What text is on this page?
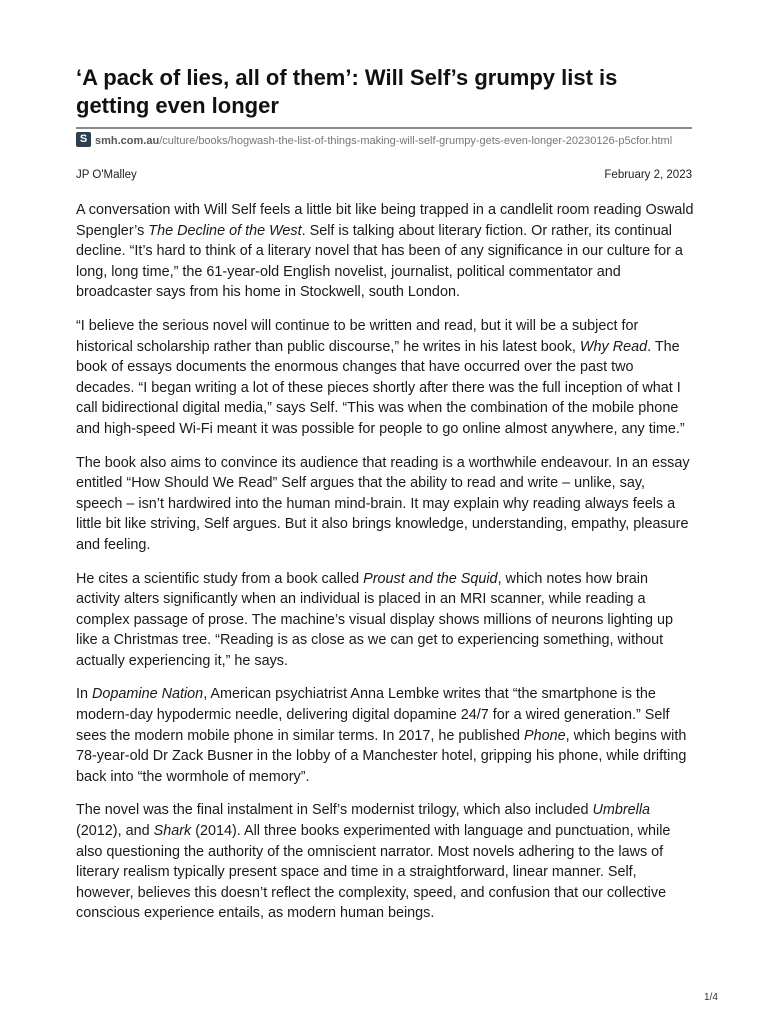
‘A pack of lies, all of them’: Will Self’s grumpy list is getting even longer
S smh.com.au/culture/books/hogwash-the-list-of-things-making-will-self-grumpy-gets-even-longer-20230126-p5cfor.html
JP O'Malley	February 2, 2023

A conversation with Will Self feels a little bit like being trapped in a candlelit room reading Oswald Spengler’s The Decline of the West. Self is talking about literary fiction. Or rather, its continual decline. “It’s hard to think of a literary novel that has been of any significance in our culture for a long, long time,” the 61-year-old English novelist, journalist, political commentator and broadcaster says from his home in Stockwell, south London.

“I believe the serious novel will continue to be written and read, but it will be a subject for historical scholarship rather than public discourse,” he writes in his latest book, Why Read. The book of essays documents the enormous changes that have occurred over the past two decades. “I began writing a lot of these pieces shortly after there was the full inception of what I call bidirectional digital media,” says Self. “This was when the combination of the mobile phone and high-speed Wi-Fi meant it was possible for people to go online almost anywhere, any time.”

The book also aims to convince its audience that reading is a worthwhile endeavour. In an essay entitled “How Should We Read” Self argues that the ability to read and write – unlike, say, speech – isn’t hardwired into the human mind-brain. It may explain why reading always feels a little bit like striving, Self argues. But it also brings knowledge, understanding, empathy, pleasure and feeling.

He cites a scientific study from a book called Proust and the Squid, which notes how brain activity alters significantly when an individual is placed in an MRI scanner, while reading a complex passage of prose. The machine’s visual display shows millions of neurons lighting up like a Christmas tree. “Reading is as close as we can get to experiencing something, without actually experiencing it,” he says.

In Dopamine Nation, American psychiatrist Anna Lembke writes that “the smartphone is the modern-day hypodermic needle, delivering digital dopamine 24/7 for a wired generation.” Self sees the modern mobile phone in similar terms. In 2017, he published Phone, which begins with 78-year-old Dr Zack Busner in the lobby of a Manchester hotel, gripping his phone, while drifting back into “the wormhole of memory”.

The novel was the final instalment in Self’s modernist trilogy, which also included Umbrella (2012), and Shark (2014). All three books experimented with language and punctuation, while also questioning the authority of the omniscient narrator. Most novels adhering to the laws of literary realism typically present space and time in a straightforward, linear manner. Self, however, believes this doesn’t reflect the complexity, speed, and confusion that our collective conscious experience entails, as modern human beings.

1/4
